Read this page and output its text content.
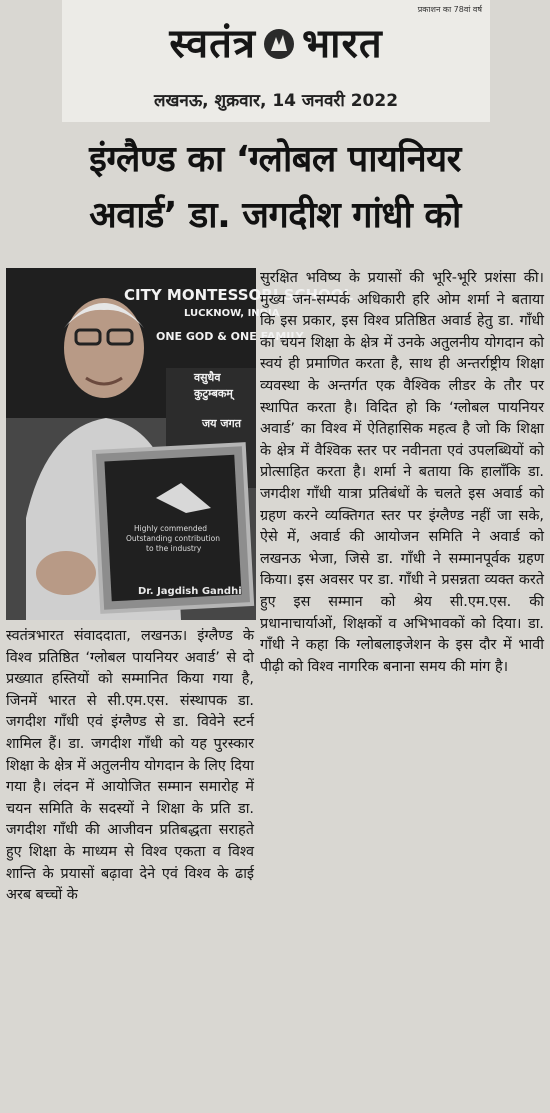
प्रकाशन का 78वां वर्ष
स्वतंत्र भारत
लखनऊ, शुक्रवार, 14 जनवरी 2022
इंग्लैण्ड का ‘ग्लोबल पायनियर
अवार्ड’ डा. जगदीश गांधी को
CITY MONTESSORI SCHOOL
LUCKNOW, INDIA
ONE GOD & ONE FAMILY
वसुधैव कुटुम्बकम्
जय जगत
Highly commended
Outstanding contribution
to the industry
Dr. Jagdish Gandhi

स्वतंत्रभारत संवाददाता, लखनऊ। इंग्लैण्ड के विश्व प्रतिष्ठित ‘ग्लोबल पायनियर अवार्ड’ से दो प्रख्यात हस्तियों को सम्मानित किया गया है, जिनमें भारत से सी.एम.एस. संस्थापक डा. जगदीश गाँधी एवं इंग्लैण्ड से डा. विवेने स्टर्न शामिल हैं। डा. जगदीश गाँधी को यह पुरस्कार शिक्षा के क्षेत्र में अतुलनीय योगदान के लिए दिया गया है। लंदन में आयोजित सम्मान समारोह में चयन समिति के सदस्यों ने शिक्षा के प्रति डा. जगदीश गाँधी की आजीवन प्रतिबद्धता सराहते हुए शिक्षा के माध्यम से विश्व एकता व विश्व शान्ति के प्रयासों बढ़ावा देने एवं विश्व के ढाई अरब बच्चों के

सुरक्षित भविष्य के प्रयासों की भूरि-भूरि प्रशंसा की। मुख्य जन-सम्पर्क अधिकारी हरि ओम शर्मा ने बताया कि इस प्रकार, इस विश्व प्रतिष्ठित अवार्ड हेतु डा. गाँधी का चयन शिक्षा के क्षेत्र में उनके अतुलनीय योगदान को स्वयं ही प्रमाणित करता है, साथ ही अन्तर्राष्ट्रीय शिक्षा व्यवस्था के अन्तर्गत एक वैश्विक लीडर के तौर पर स्थापित करता है। विदित हो कि ‘ग्लोबल पायनियर अवार्ड’ का विश्व में ऐतिहासिक महत्व है जो कि शिक्षा के क्षेत्र में वैश्विक स्तर पर नवीनता एवं उपलब्धियों को प्रोत्साहित करता है। शर्मा ने बताया कि हालाँकि डा. जगदीश गाँधी यात्रा प्रतिबंधों के चलते इस अवार्ड को ग्रहण करने व्यक्तिगत स्तर पर इंग्लैण्ड नहीं जा सके, ऐसे में, अवार्ड की आयोजन समिति ने अवार्ड को लखनऊ भेजा, जिसे डा. गाँधी ने सम्मानपूर्वक ग्रहण किया। इस अवसर पर डा. गाँधी ने प्रसन्नता व्यक्त करते हुए इस सम्मान को श्रेय सी.एम.एस. की प्रधानाचार्याओं, शिक्षकों व अभिभावकों को दिया। डा. गाँधी ने कहा कि ग्लोबलाइजेशन के इस दौर में भावी पीढ़ी को विश्व नागरिक बनाना समय की मांग है।
